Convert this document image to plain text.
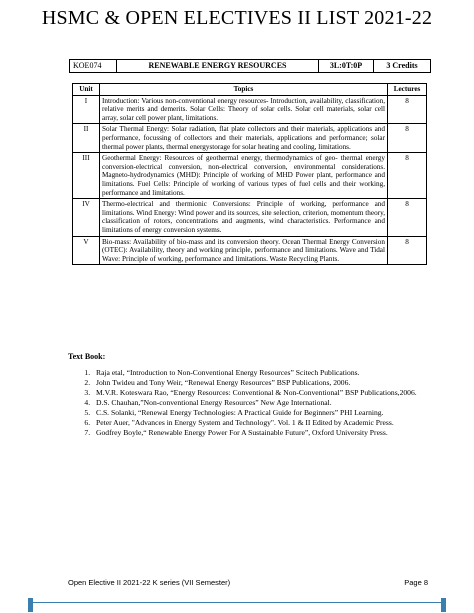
HSMC & OPEN ELECTIVES II LIST 2021-22
KOE074	RENEWABLE ENERGY RESOURCES	3L:0T:0P	3 Credits
Unit	Topics	Lectures
I	Introduction: Various non-conventional energy resources- Introduction, availability, classification, relative merits and demerits. Solar Cells: Theory of solar cells. Solar cell materials, solar cell array, solar cell power plant, limitations.	8
II	Solar Thermal Energy: Solar radiation, flat plate collectors and their materials, applications and performance, focussing of collectors and their materials, applications and performance; solar thermal power plants, thermal energystorage for solar heating and cooling, limitations.	8
III	Geothermal Energy: Resources of geothermal energy, thermodynamics of geo- thermal energy conversion-electrical conversion, non-electrical conversion, environmental considerations. Magneto-hydrodynamics (MHD): Principle of working of MHD Power plant, performance and limitations. Fuel Cells: Principle of working of various types of fuel cells and their working, performance and limitations.	8
IV	Thermo-electrical and thermionic Conversions: Principle of working, performance and limitations. Wind Energy: Wind power and its sources, site selection, criterion, momentum theory, classification of rotors, concentrations and augments, wind characteristics. Performance and limitations of energy conversion systems.	8
V	Bio-mass: Availability of bio-mass and its conversion theory. Ocean Thermal Energy Conversion (OTEC): Availability, theory and working principle, performance and limitations. Wave and Tidal Wave: Principle of working, performance and limitations. Waste Recycling Plants.	8
Text Book:
1. Raja etal, “Introduction to Non-Conventional Energy Resources” Scitech Publications.
2. John Twideu and Tony Weir, “Renewal Energy Resources” BSP Publications, 2006.
3. M.V.R. Koteswara Rao, “Energy Resources: Conventional & Non-Conventional” BSP Publications,2006.
4. D.S. Chauhan,”Non-conventional Energy Resources” New Age International.
5. C.S. Solanki, “Renewal Energy Technologies: A Practical Guide for Beginners” PHI Learning.
6. Peter Auer, "Advances in Energy System and Technology". Vol. 1 & II Edited by Academic Press.
7. Godfrey Boyle,“ Renewable Energy Power For A Sustainable Future”, Oxford University Press.
Open Elective II 2021-22 K series (VII Semester)	Page 8
